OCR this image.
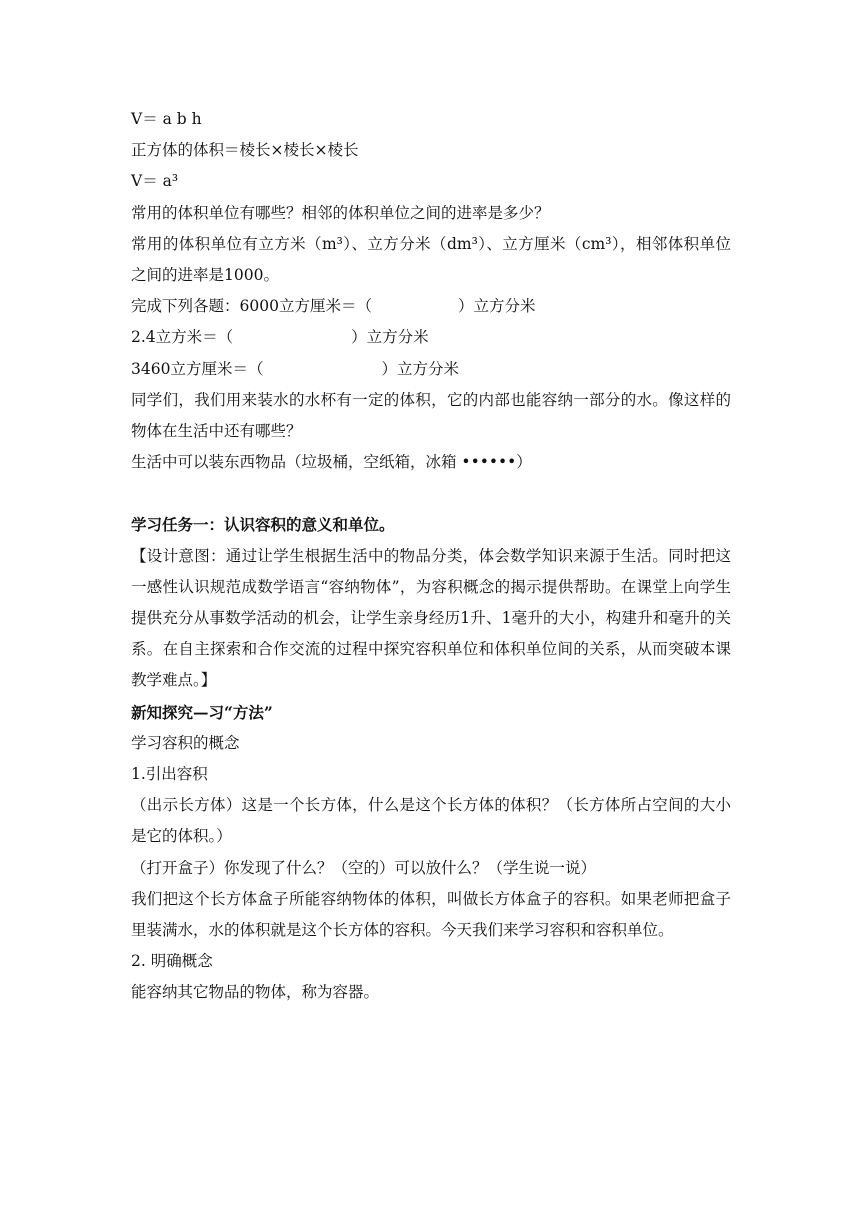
V＝ a b h

正方体的体积＝棱长×棱长×棱长

V＝ a³

常用的体积单位有哪些？相邻的体积单位之间的进率是多少？

常用的体积单位有立方米（m³）、立方分米（dm³）、立方厘米（cm³），相邻体积单位之间的进率是1000。

完成下列各题：6000立方厘米＝（	）立方分米

2.4立方米＝（	）立方分米

3460立方厘米＝（	）立方分米

同学们，我们用来装水的水杯有一定的体积，它的内部也能容纳一部分的水。像这样的物体在生活中还有哪些？

生活中可以装东西物品（垃圾桶，空纸箱，冰箱 ••••••）

学习任务一：认识容积的意义和单位。

【设计意图：通过让学生根据生活中的物品分类，体会数学知识来源于生活。同时把这一感性认识规范成数学语言“容纳物体”，为容积概念的揭示提供帮助。在课堂上向学生提供充分从事数学活动的机会，让学生亲身经历1升、1毫升的大小，构建升和毫升的关系。在自主探索和合作交流的过程中探究容积单位和体积单位间的关系，从而突破本课教学难点。】

新知探究—习“方法”

学习容积的概念

1.引出容积

（出示长方体）这是一个长方体，什么是这个长方体的体积？（长方体所占空间的大小是它的体积。）

（打开盒子）你发现了什么？（空的）可以放什么？（学生说一说）

我们把这个长方体盒子所能容纳物体的体积，叫做长方体盒子的容积。如果老师把盒子里装满水，水的体积就是这个长方体的容积。今天我们来学习容积和容积单位。

2. 明确概念

能容纳其它物品的物体，称为容器。
